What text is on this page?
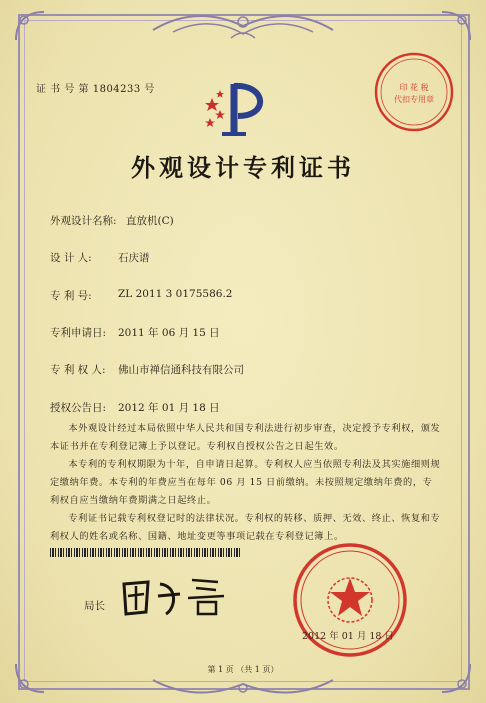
证 书 号 第 1804233 号	印 花 税
代扣专用章
外观设计专利证书
外观设计名称: 直放机(C)
设 计 人:	石庆谱
专 利 号:	ZL 2011 3 0175586.2
专利申请日: 2011 年 06 月 15 日
专 利 权 人: 佛山市禅信通科技有限公司
授权公告日: 2012 年 01 月 18 日

本外观设计经过本局依照中华人民共和国专利法进行初步审查，决定授予专利权，颁发本证书并在专利登记簿上予以登记。专利权自授权公告之日起生效。

本专利的专利权期限为十年，自申请日起算。专利权人应当依照专利法及其实施细则规定缴纳年费。本专利的年费应当在每年 06 月 15 日前缴纳。未按照规定缴纳年费的，专利权自应当缴纳年费期满之日起终止。

专利证书记载专利权登记时的法律状况。专利权的转移、质押、无效、终止、恢复和专利权人的姓名或名称、国籍、地址变更等事项记载在专利登记簿上。

局长
2012 年 01 月 18 日
第 1 页 （共 1 页）
